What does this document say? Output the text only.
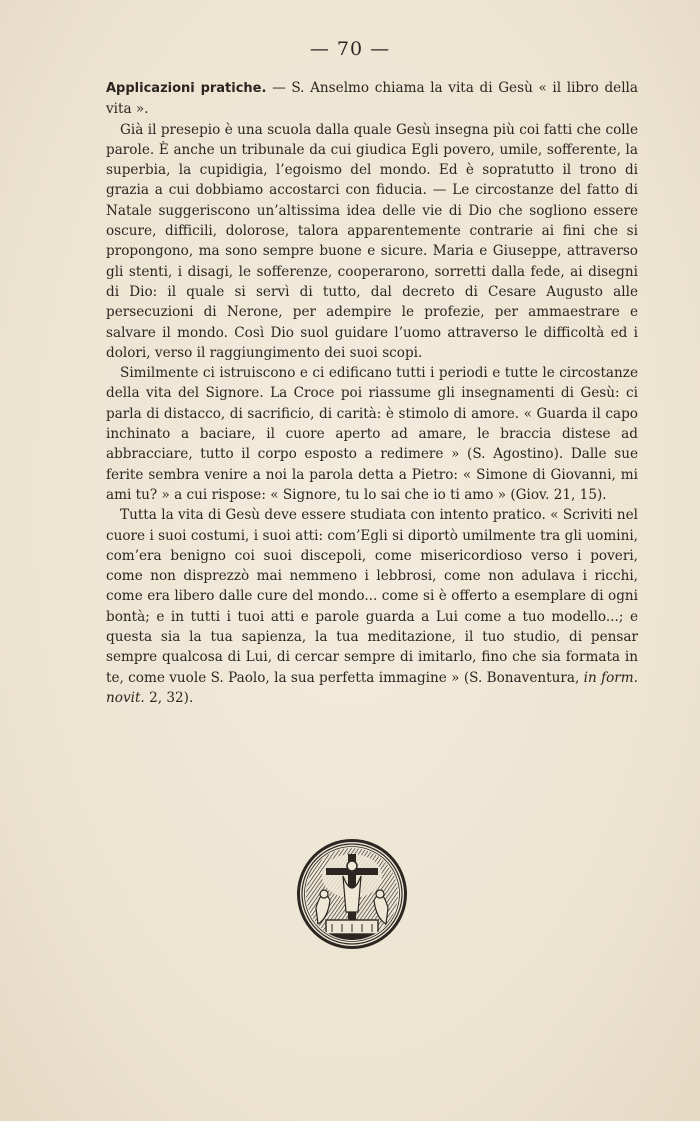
— 70 —

Applicazioni pratiche. — S. Anselmo chiama la vita di Gesù « il libro della vita ».

Già il presepio è una scuola dalla quale Gesù insegna più coi fatti che colle parole. È anche un tribunale da cui giudica Egli povero, umile, sofferente, la superbia, la cupidigia, l’egoismo del mondo. Ed è sopratutto il trono di grazia a cui dobbiamo accostarci con fiducia. — Le circostanze del fatto di Natale suggeriscono un’altissima idea delle vie di Dio che sogliono essere oscure, difficili, dolorose, talora apparentemente contrarie ai fini che si propongono, ma sono sempre buone e sicure. Maria e Giuseppe, attraverso gli stenti, i disagi, le sofferenze, cooperarono, sorretti dalla fede, ai disegni di Dio: il quale si servì di tutto, dal decreto di Cesare Augusto alle persecuzioni di Nerone, per adempire le profezie, per ammaestrare e salvare il mondo. Così Dio suol guidare l’uomo attraverso le difficoltà ed i dolori, verso il raggiungimento dei suoi scopi.

Similmente ci istruiscono e ci edificano tutti i periodi e tutte le circostanze della vita del Signore. La Croce poi riassume gli insegnamenti di Gesù: ci parla di distacco, di sacrificio, di carità: è stimolo di amore. « Guarda il capo inchinato a baciare, il cuore aperto ad amare, le braccia distese ad abbracciare, tutto il corpo esposto a redimere » (S. Agostino). Dalle sue ferite sembra venire a noi la parola detta a Pietro: « Simone di Giovanni, mi ami tu? » a cui rispose: « Signore, tu lo sai che io ti amo » (Giov. 21, 15).

Tutta la vita di Gesù deve essere studiata con intento pratico. « Scriviti nel cuore i suoi costumi, i suoi atti: com’Egli si diportò umilmente tra gli uomini, com’era benigno coi suoi discepoli, come misericordioso verso i poveri, come non disprezzò mai nemmeno i lebbrosi, come non adulava i ricchi, come era libero dalle cure del mondo... come si è offerto a esemplare di ogni bontà; e in tutti i tuoi atti e parole guarda a Lui come a tuo modello...; e questa sia la tua sapienza, la tua meditazione, il tuo studio, di pensar sempre qualcosa di Lui, di cercar sempre di imitarlo, fino che sia formata in te, come vuole S. Paolo, la sua perfetta immagine » (S. Bonaventura, in form. novit. 2, 32).
